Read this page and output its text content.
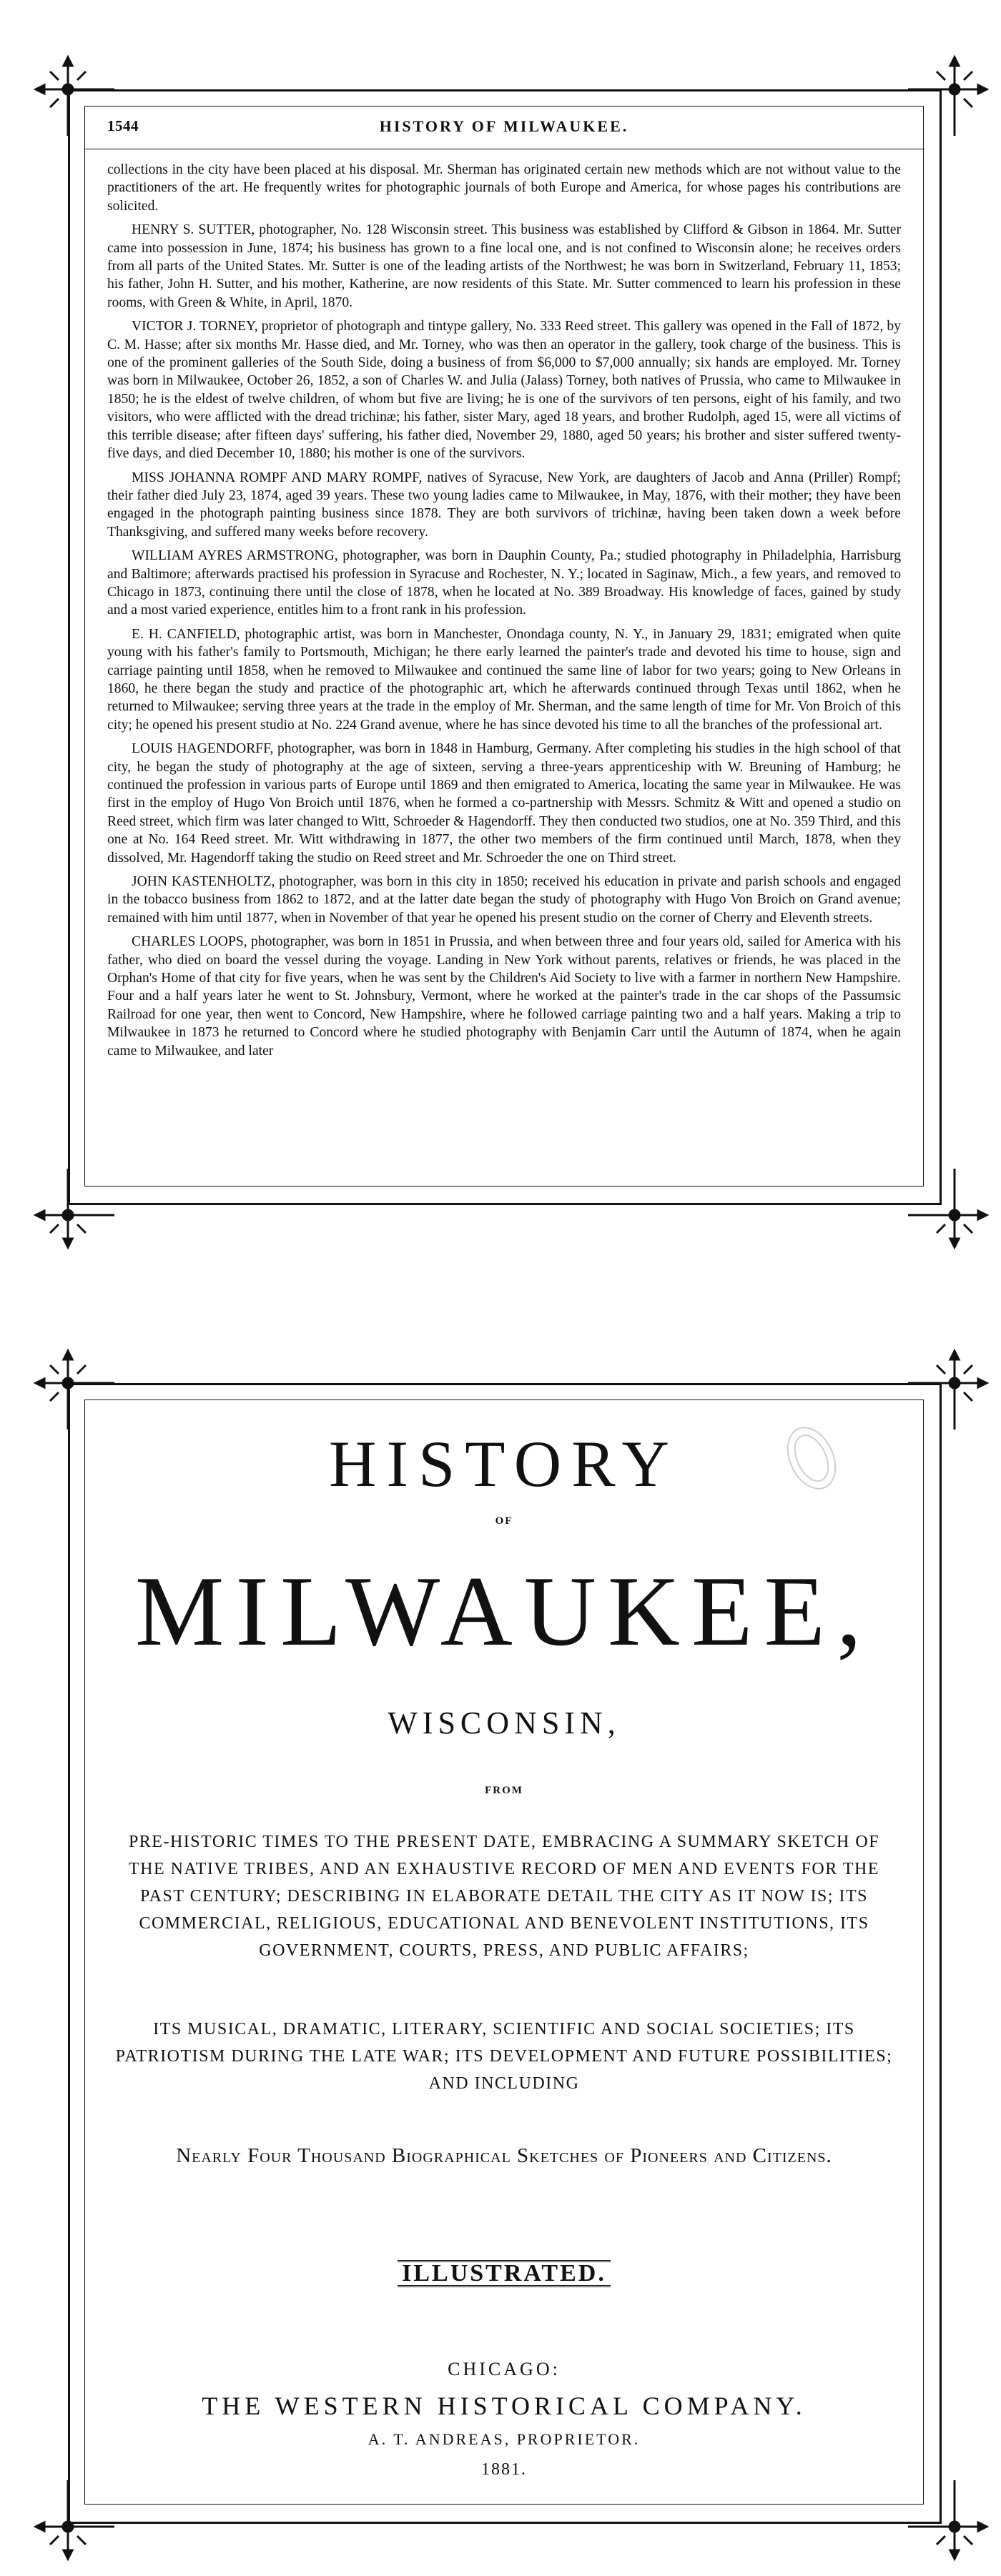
1544	HISTORY OF MILWAUKEE.

collections in the city have been placed at his disposal. Mr. Sherman has originated certain new methods which are not without value to the practitioners of the art. He frequently writes for photographic journals of both Europe and America, for whose pages his contributions are solicited.

HENRY S. SUTTER, photographer, No. 128 Wisconsin street. This business was established by Clifford & Gibson in 1864. Mr. Sutter came into possession in June, 1874; his business has grown to a fine local one, and is not confined to Wisconsin alone; he receives orders from all parts of the United States. Mr. Sutter is one of the leading artists of the Northwest; he was born in Switzerland, February 11, 1853; his father, John H. Sutter, and his mother, Katherine, are now residents of this State. Mr. Sutter commenced to learn his profession in these rooms, with Green & White, in April, 1870.

VICTOR J. TORNEY, proprietor of photograph and tintype gallery, No. 333 Reed street. This gallery was opened in the Fall of 1872, by C. M. Hasse; after six months Mr. Hasse died, and Mr. Torney, who was then an operator in the gallery, took charge of the business. This is one of the prominent galleries of the South Side, doing a business of from $6,000 to $7,000 annually; six hands are employed. Mr. Torney was born in Milwaukee, October 26, 1852, a son of Charles W. and Julia (Jalass) Torney, both natives of Prussia, who came to Milwaukee in 1850; he is the eldest of twelve children, of whom but five are living; he is one of the survivors of ten persons, eight of his family, and two visitors, who were afflicted with the dread trichinæ; his father, sister Mary, aged 18 years, and brother Rudolph, aged 15, were all victims of this terrible disease; after fifteen days' suffering, his father died, November 29, 1880, aged 50 years; his brother and sister suffered twenty-five days, and died December 10, 1880; his mother is one of the survivors.

MISS JOHANNA ROMPF AND MARY ROMPF, natives of Syracuse, New York, are daughters of Jacob and Anna (Priller) Rompf; their father died July 23, 1874, aged 39 years. These two young ladies came to Milwaukee, in May, 1876, with their mother; they have been engaged in the photograph painting business since 1878. They are both survivors of trichinæ, having been taken down a week before Thanksgiving, and suffered many weeks before recovery.

WILLIAM AYRES ARMSTRONG, photographer, was born in Dauphin County, Pa.; studied photography in Philadelphia, Harrisburg and Baltimore; afterwards practised his profession in Syracuse and Rochester, N. Y.; located in Saginaw, Mich., a few years, and removed to Chicago in 1873, continuing there until the close of 1878, when he located at No. 389 Broadway. His knowledge of faces, gained by study and a most varied experience, entitles him to a front rank in his profession.

E. H. CANFIELD, photographic artist, was born in Manchester, Onondaga county, N. Y., in January 29, 1831; emigrated when quite young with his father's family to Portsmouth, Michigan; he there early learned the painter's trade and devoted his time to house, sign and carriage painting until 1858, when he removed to Milwaukee and continued the same line of labor for two years; going to New Orleans in 1860, he there began the study and practice of the photographic art, which he afterwards continued through Texas until 1862, when he returned to Milwaukee; serving three years at the trade in the employ of Mr. Sherman, and the same length of time for Mr. Von Broich of this city; he opened his present studio at No. 224 Grand avenue, where he has since devoted his time to all the branches of the professional art.

LOUIS HAGENDORFF, photographer, was born in 1848 in Hamburg, Germany. After completing his studies in the high school of that city, he began the study of photography at the age of sixteen, serving a three-years apprenticeship with W. Breuning of Hamburg; he continued the profession in various parts of Europe until 1869 and then emigrated to America, locating the same year in Milwaukee. He was first in the employ of Hugo Von Broich until 1876, when he formed a co-partnership with Messrs. Schmitz & Witt and opened a studio on Reed street, which firm was later changed to Witt, Schroeder & Hagendorff. They then conducted two studios, one at No. 359 Third, and this one at No. 164 Reed street. Mr. Witt withdrawing in 1877, the other two members of the firm continued until March, 1878, when they dissolved, Mr. Hagendorff taking the studio on Reed street and Mr. Schroeder the one on Third street.

JOHN KASTENHOLTZ, photographer, was born in this city in 1850; received his education in private and parish schools and engaged in the tobacco business from 1862 to 1872, and at the latter date began the study of photography with Hugo Von Broich on Grand avenue; remained with him until 1877, when in November of that year he opened his present studio on the corner of Cherry and Eleventh streets.

CHARLES LOOPS, photographer, was born in 1851 in Prussia, and when between three and four years old, sailed for America with his father, who died on board the vessel during the voyage. Landing in New York without parents, relatives or friends, he was placed in the Orphan's Home of that city for five years, when he was sent by the Children's Aid Society to live with a farmer in northern New Hampshire. Four and a half years later he went to St. Johnsbury, Vermont, where he worked at the painter's trade in the car shops of the Passumsic Railroad for one year, then went to Concord, New Hampshire, where he followed carriage painting two and a half years. Making a trip to Milwaukee in 1873 he returned to Concord where he studied photography with Benjamin Carr until the Autumn of 1874, when he again came to Milwaukee, and later

HISTORY
OF
MILWAUKEE,
WISCONSIN,
FROM
PRE-HISTORIC TIMES TO THE PRESENT DATE, EMBRACING A SUMMARY SKETCH OF THE NATIVE TRIBES, AND AN EXHAUSTIVE RECORD OF MEN AND EVENTS FOR THE PAST CENTURY; DESCRIBING IN ELABORATE DETAIL THE CITY AS IT NOW IS; ITS COMMERCIAL, RELIGIOUS, EDUCATIONAL AND BENEVOLENT INSTITUTIONS, ITS GOVERNMENT, COURTS, PRESS, AND PUBLIC AFFAIRS;
ITS MUSICAL, DRAMATIC, LITERARY, SCIENTIFIC AND SOCIAL SOCIETIES; ITS PATRIOTISM DURING THE LATE WAR; ITS DEVELOPMENT AND FUTURE POSSIBILITIES; AND INCLUDING
Nearly Four Thousand Biographical Sketches of Pioneers and Citizens.
ILLUSTRATED.
CHICAGO:
THE WESTERN HISTORICAL COMPANY.
A. T. ANDREAS, PROPRIETOR.
1881.
